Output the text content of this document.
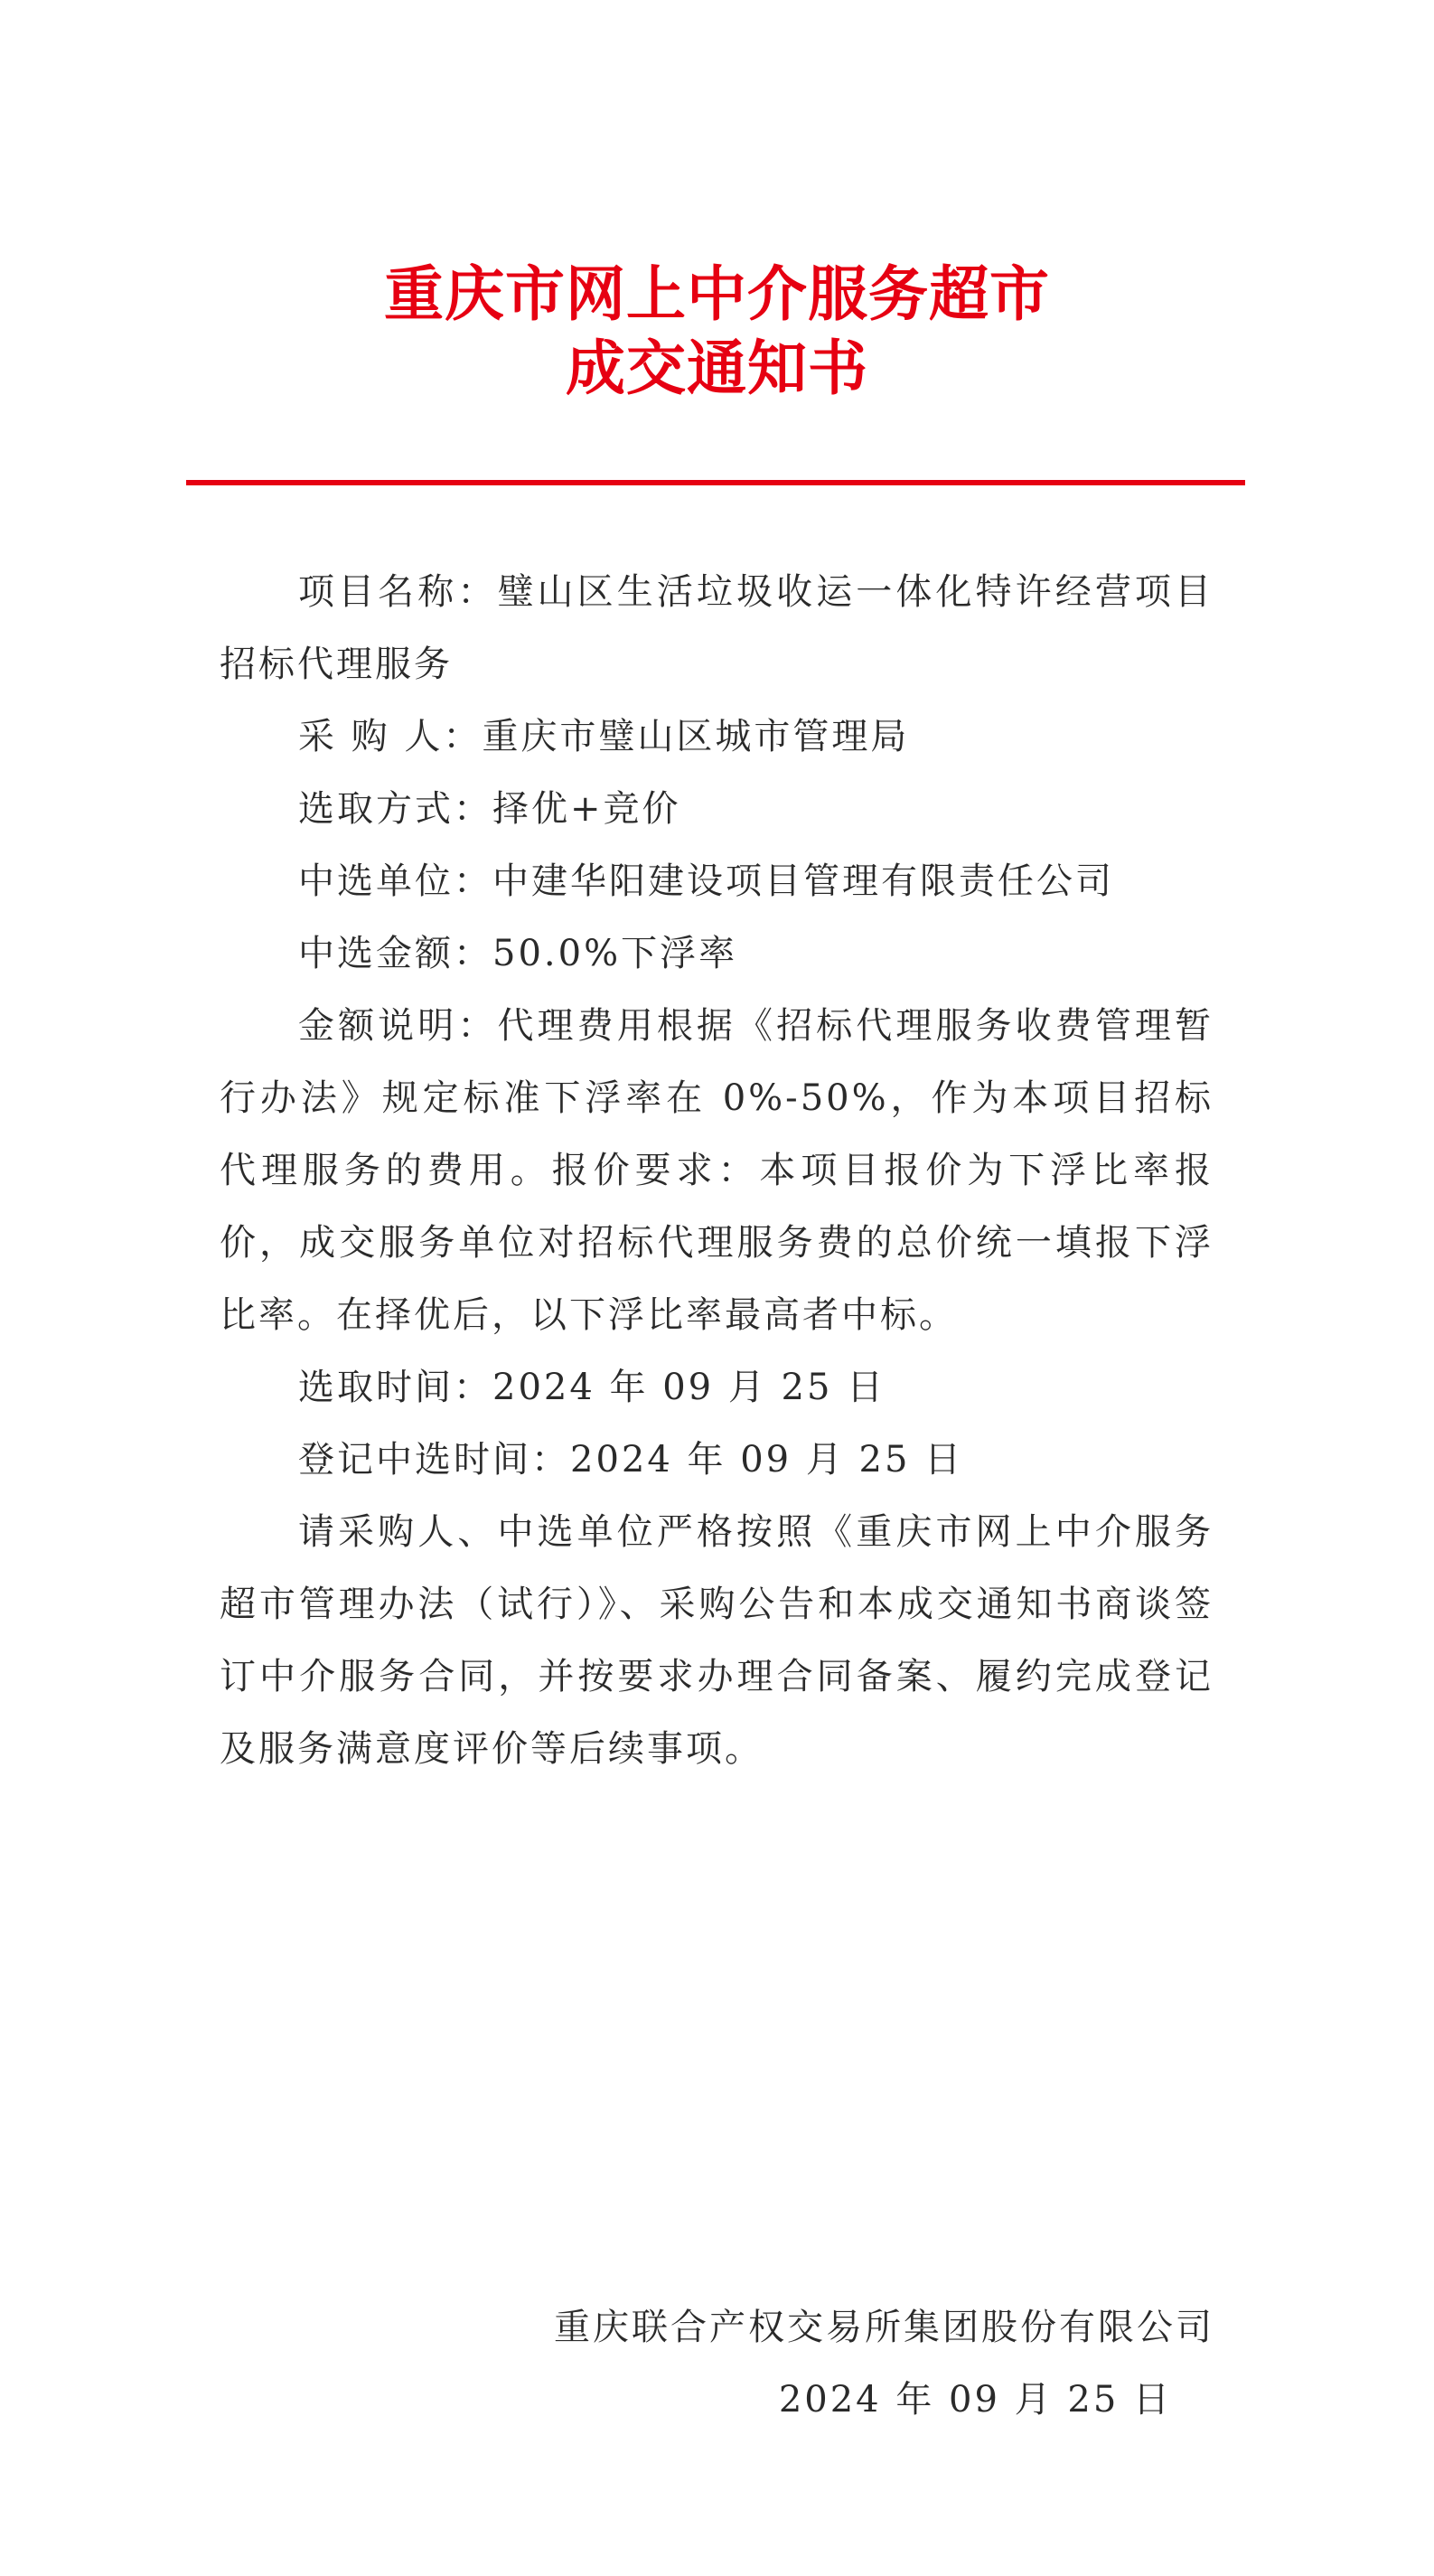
重庆市网上中介服务超市
成交通知书

项目名称：璧山区生活垃圾收运一体化特许经营项目招标代理服务

采 购 人：重庆市璧山区城市管理局

选取方式：择优+竞价

中选单位：中建华阳建设项目管理有限责任公司

中选金额：50.0%下浮率

金额说明：代理费用根据《招标代理服务收费管理暂行办法》规定标准下浮率在 0%-50%，作为本项目招标代理服务的费用。报价要求：本项目报价为下浮比率报价，成交服务单位对招标代理服务费的总价统一填报下浮比率。在择优后，以下浮比率最高者中标。

选取时间：2024 年 09 月 25 日

登记中选时间：2024 年 09 月 25 日

请采购人、中选单位严格按照《重庆市网上中介服务超市管理办法（试行）》、采购公告和本成交通知书商谈签订中介服务合同，并按要求办理合同备案、履约完成登记及服务满意度评价等后续事项。

重庆联合产权交易所集团股份有限公司
2024 年 09 月 25 日
